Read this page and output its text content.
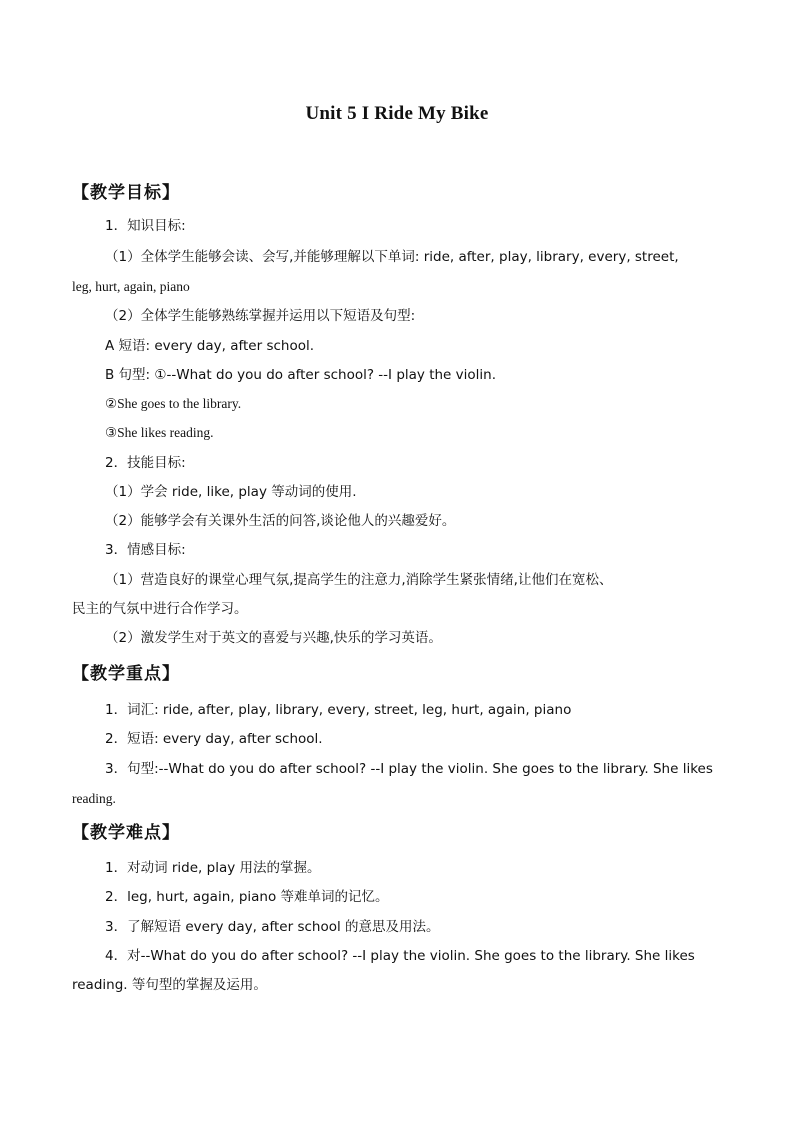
Unit 5 I Ride My Bike
【教学目标】
1．知识目标:
（1）全体学生能够会读、会写,并能够理解以下单词: ride, after, play, library, every, street,
leg, hurt, again, piano
（2）全体学生能够熟练掌握并运用以下短语及句型:
A 短语: every day, after school.
B 句型: ①--What do you do after school? --I play the violin.
②She goes to the library.
③She likes reading.
2．技能目标:
（1）学会 ride, like, play 等动词的使用.
（2）能够学会有关课外生活的问答,谈论他人的兴趣爱好。
3．情感目标:
（1）营造良好的课堂心理气氛,提高学生的注意力,消除学生紧张情绪,让他们在宽松、
民主的气氛中进行合作学习。
（2）激发学生对于英文的喜爱与兴趣,快乐的学习英语。
【教学重点】
1．词汇: ride, after, play, library, every, street, leg, hurt, again, piano
2．短语: every day, after school.
3．句型:--What do you do after school? --I play the violin. She goes to the library. She likes
reading.
【教学难点】
1．对动词 ride, play 用法的掌握。
2．leg, hurt, again, piano 等难单词的记忆。
3．了解短语 every day, after school 的意思及用法。
4．对--What do you do after school? --I play the violin. She goes to the library. She likes
reading. 等句型的掌握及运用。
